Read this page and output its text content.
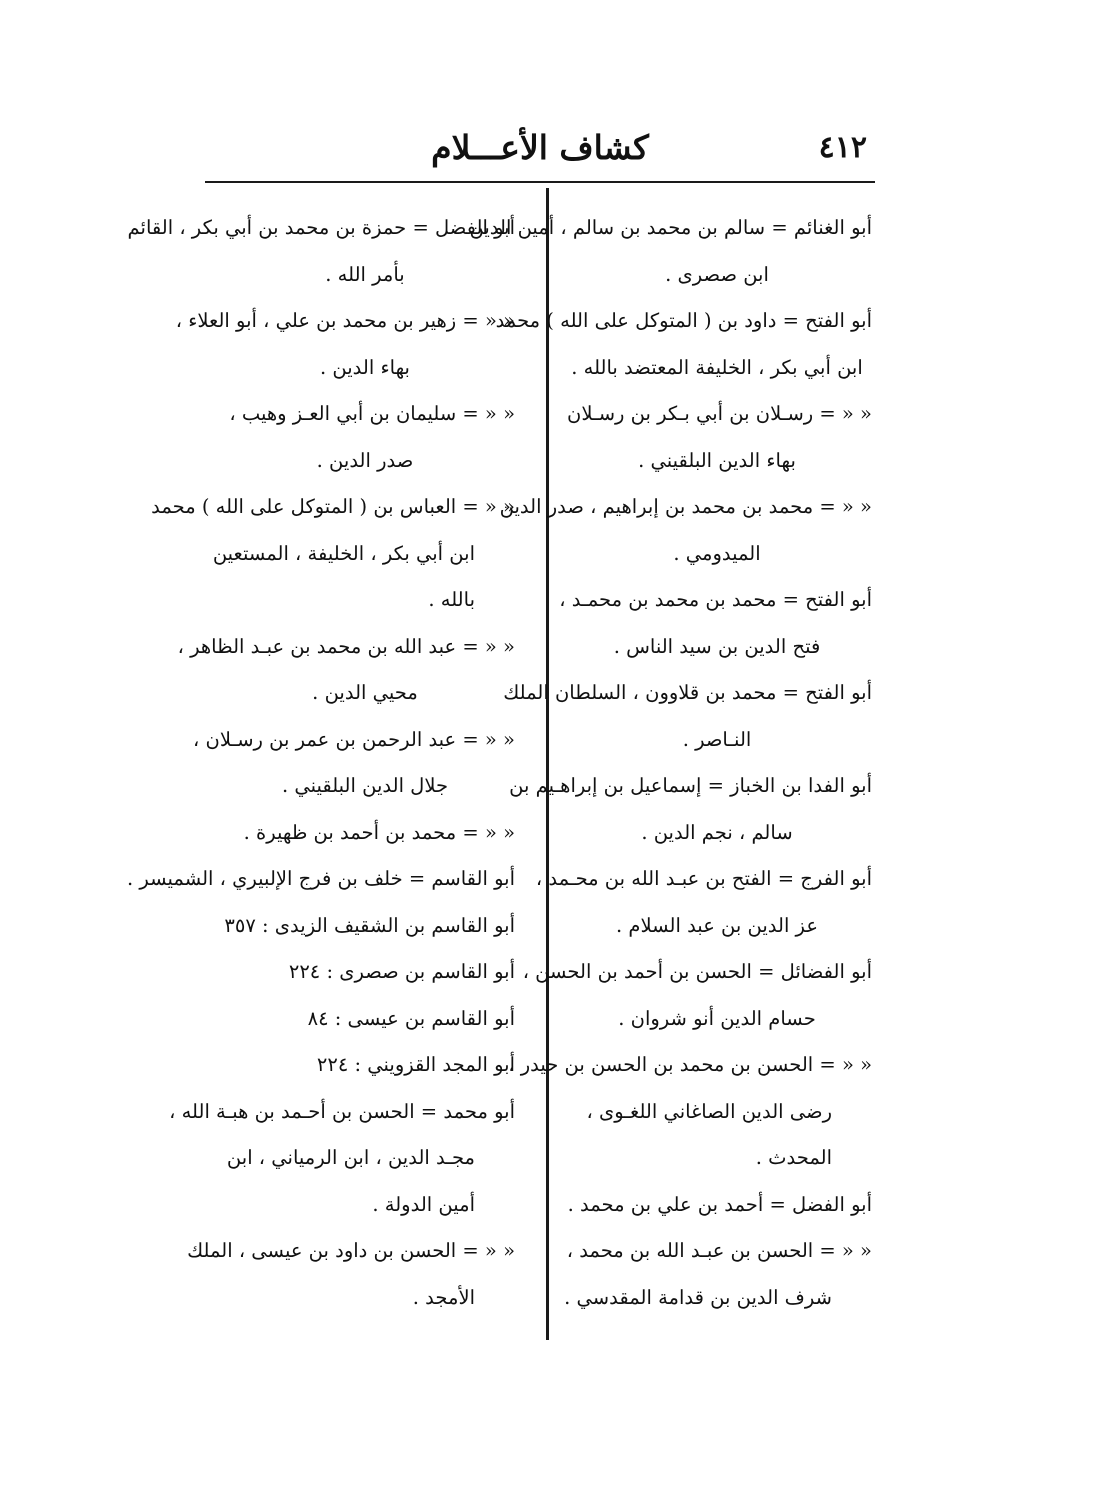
٤١٢
كشاف الأعـــلام
أبو الغنائم = سالم بن محمد بن سالم ، أمين الدين
ابن صصرى .
أبو الفتح = داود بن ( المتوكل على الله ) محمد
ابن أبي بكر ، الخليفة المعتضد بالله .
« « = رسـلان بن أبي بـكر بن رسـلان
بهاء الدين البلقيني .
« « = محمد بن محمد بن إبراهيم ، صدر الدين
الميدومي .
أبو الفتح = محمد بن محمد بن محمـد ،
فتح الدين بن سيد الناس .
أبو الفتح = محمد بن قلاوون ، السلطان الملك
النـاصر .
أبو الفدا بن الخباز = إسماعيل بن إبراهـيم بن
سالم ، نجم الدين .
أبو الفرج = الفتح بن عبـد الله بن محـمد ،
عز الدين بن عبد السلام .
أبو الفضائل = الحسن بن أحمد بن الحسن ،
حسام الدين أنو شروان .
« « = الحسن بن محمد بن الحسن بن حيدر ،
رضى الدين الصاغاني اللغـوى ،
المحدث .
أبو الفضل = أحمد بن علي بن محمد .
« « = الحسن بن عبـد الله بن محمد ،
شرف الدين بن قدامة المقدسي .
أبو الفضل = حمزة بن محمد بن أبي بكر ، القائم
بأمر الله .
« « = زهير بن محمد بن علي ، أبو العلاء ،
بهاء الدين .
« « = سليمان بن أبي العـز وهيب ،
صدر الدين .
« « = العباس بن ( المتوكل على الله ) محمد
ابن أبي بكر ، الخليفة ، المستعين
بالله .
« « = عبد الله بن محمد بن عبـد الظاهر ،
محيي الدين .
« « = عبد الرحمن بن عمر بن رسـلان ،
جلال الدين البلقيني .
« « = محمد بن أحمد بن ظهيرة .
أبو القاسم = خلف بن فرج الإلبيري ، الشميسر .
أبو القاسم بن الشقيف الزيدى : ٣٥٧
أبو القاسم بن صصرى : ٢٢٤
أبو القاسم بن عيسى : ٨٤
أبو المجد القزويني : ٢٢٤
أبو محمد = الحسن بن أحـمد بن هبـة الله ،
مجـد الدين ، ابن الرمياني ، ابن
أمين الدولة .
« « = الحسن بن داود بن عيسى ، الملك
الأمجد .
